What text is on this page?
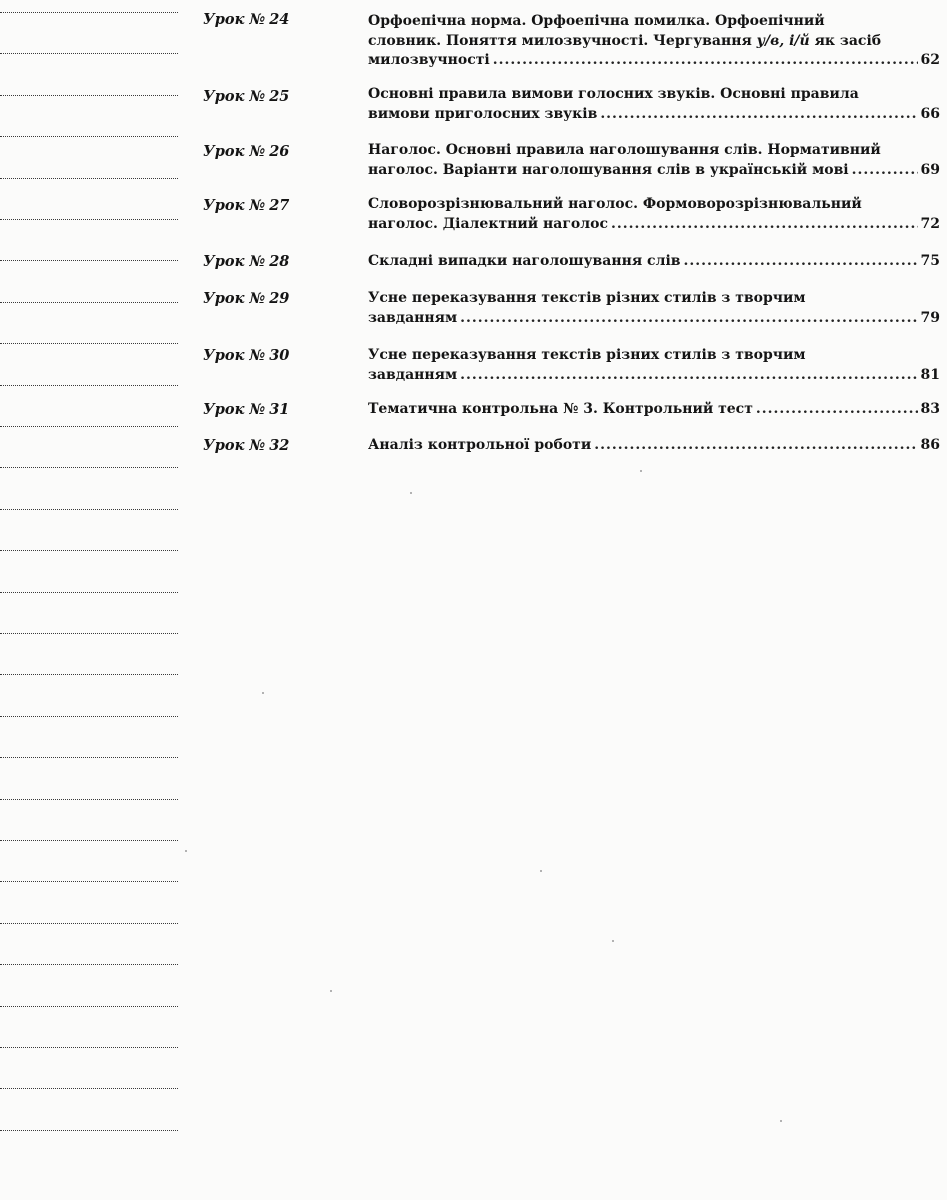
Урок № 24	Орфоепічна норма. Орфоепічна помилка. Орфоепічний
словник. Поняття милозвучності. Чергування у/в, і/й як засіб
милозвучності .....	62
Урок № 25	Основні правила вимови голосних звуків. Основні правила
вимови приголосних звуків .....	66
Урок № 26	Наголос. Основні правила наголошування слів. Нормативний
наголос. Варіанти наголошування слів в українській мові .....	69
Урок № 27	Словорозрізнювальний наголос. Формоворозрізнювальний
наголос. Діалектний наголос .....	72
Урок № 28	Складні випадки наголошування слів .....	75
Урок № 29	Усне переказування текстів різних стилів з творчим
завданням .....	79
Урок № 30	Усне переказування текстів різних стилів з творчим
завданням .....	81
Урок № 31	Тематична контрольна № 3. Контрольний тест .....	83
Урок № 32	Аналіз контрольної роботи .....	86
